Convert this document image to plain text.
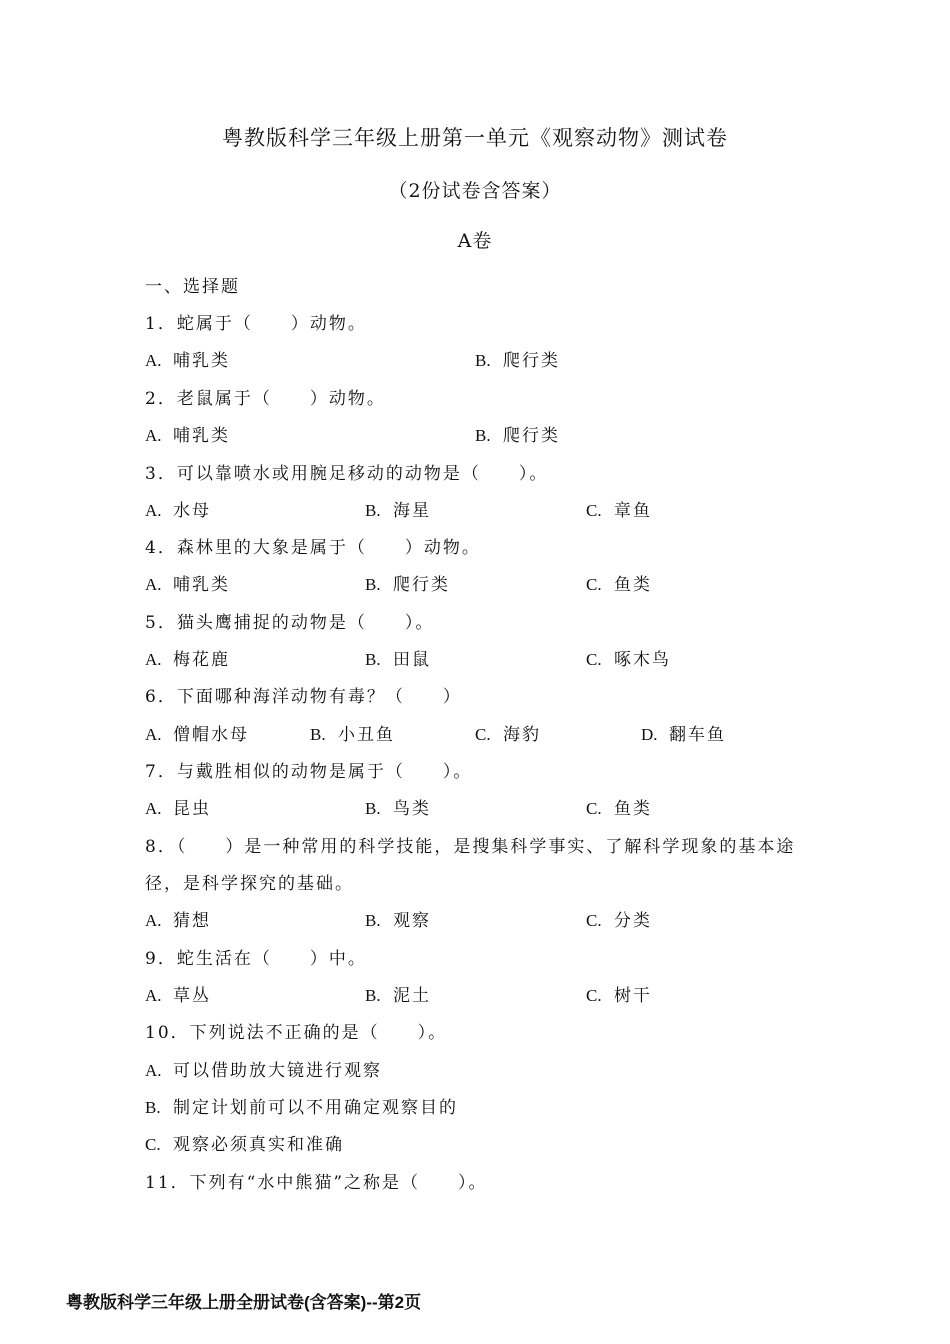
粤教版科学三年级上册第一单元《观察动物》测试卷
（2份试卷含答案）
A卷
一、选择题
1．蛇属于（　　）动物。
A. 哺乳类	B. 爬行类
2．老鼠属于（　　）动物。
A. 哺乳类	B. 爬行类
3．可以靠喷水或用腕足移动的动物是（　　）。
A. 水母	B. 海星	C. 章鱼
4．森林里的大象是属于（　　）动物。
A. 哺乳类	B. 爬行类	C. 鱼类
5．猫头鹰捕捉的动物是（　　）。
A. 梅花鹿	B. 田鼠	C. 啄木鸟
6．下面哪种海洋动物有毒？（　　）
A. 僧帽水母	B. 小丑鱼	C. 海豹	D. 翻车鱼
7．与戴胜相似的动物是属于（　　）。
A. 昆虫	B. 鸟类	C. 鱼类
8．（　　）是一种常用的科学技能，是搜集科学事实、了解科学现象的基本途
径，是科学探究的基础。
A. 猜想	B. 观察	C. 分类
9．蛇生活在（　　）中。
A. 草丛	B. 泥土	C. 树干
10．下列说法不正确的是（　　）。
A. 可以借助放大镜进行观察
B. 制定计划前可以不用确定观察目的
C. 观察必须真实和准确
11．下列有“水中熊猫”之称是（　　）。
粤教版科学三年级上册全册试卷(含答案)--第2页
